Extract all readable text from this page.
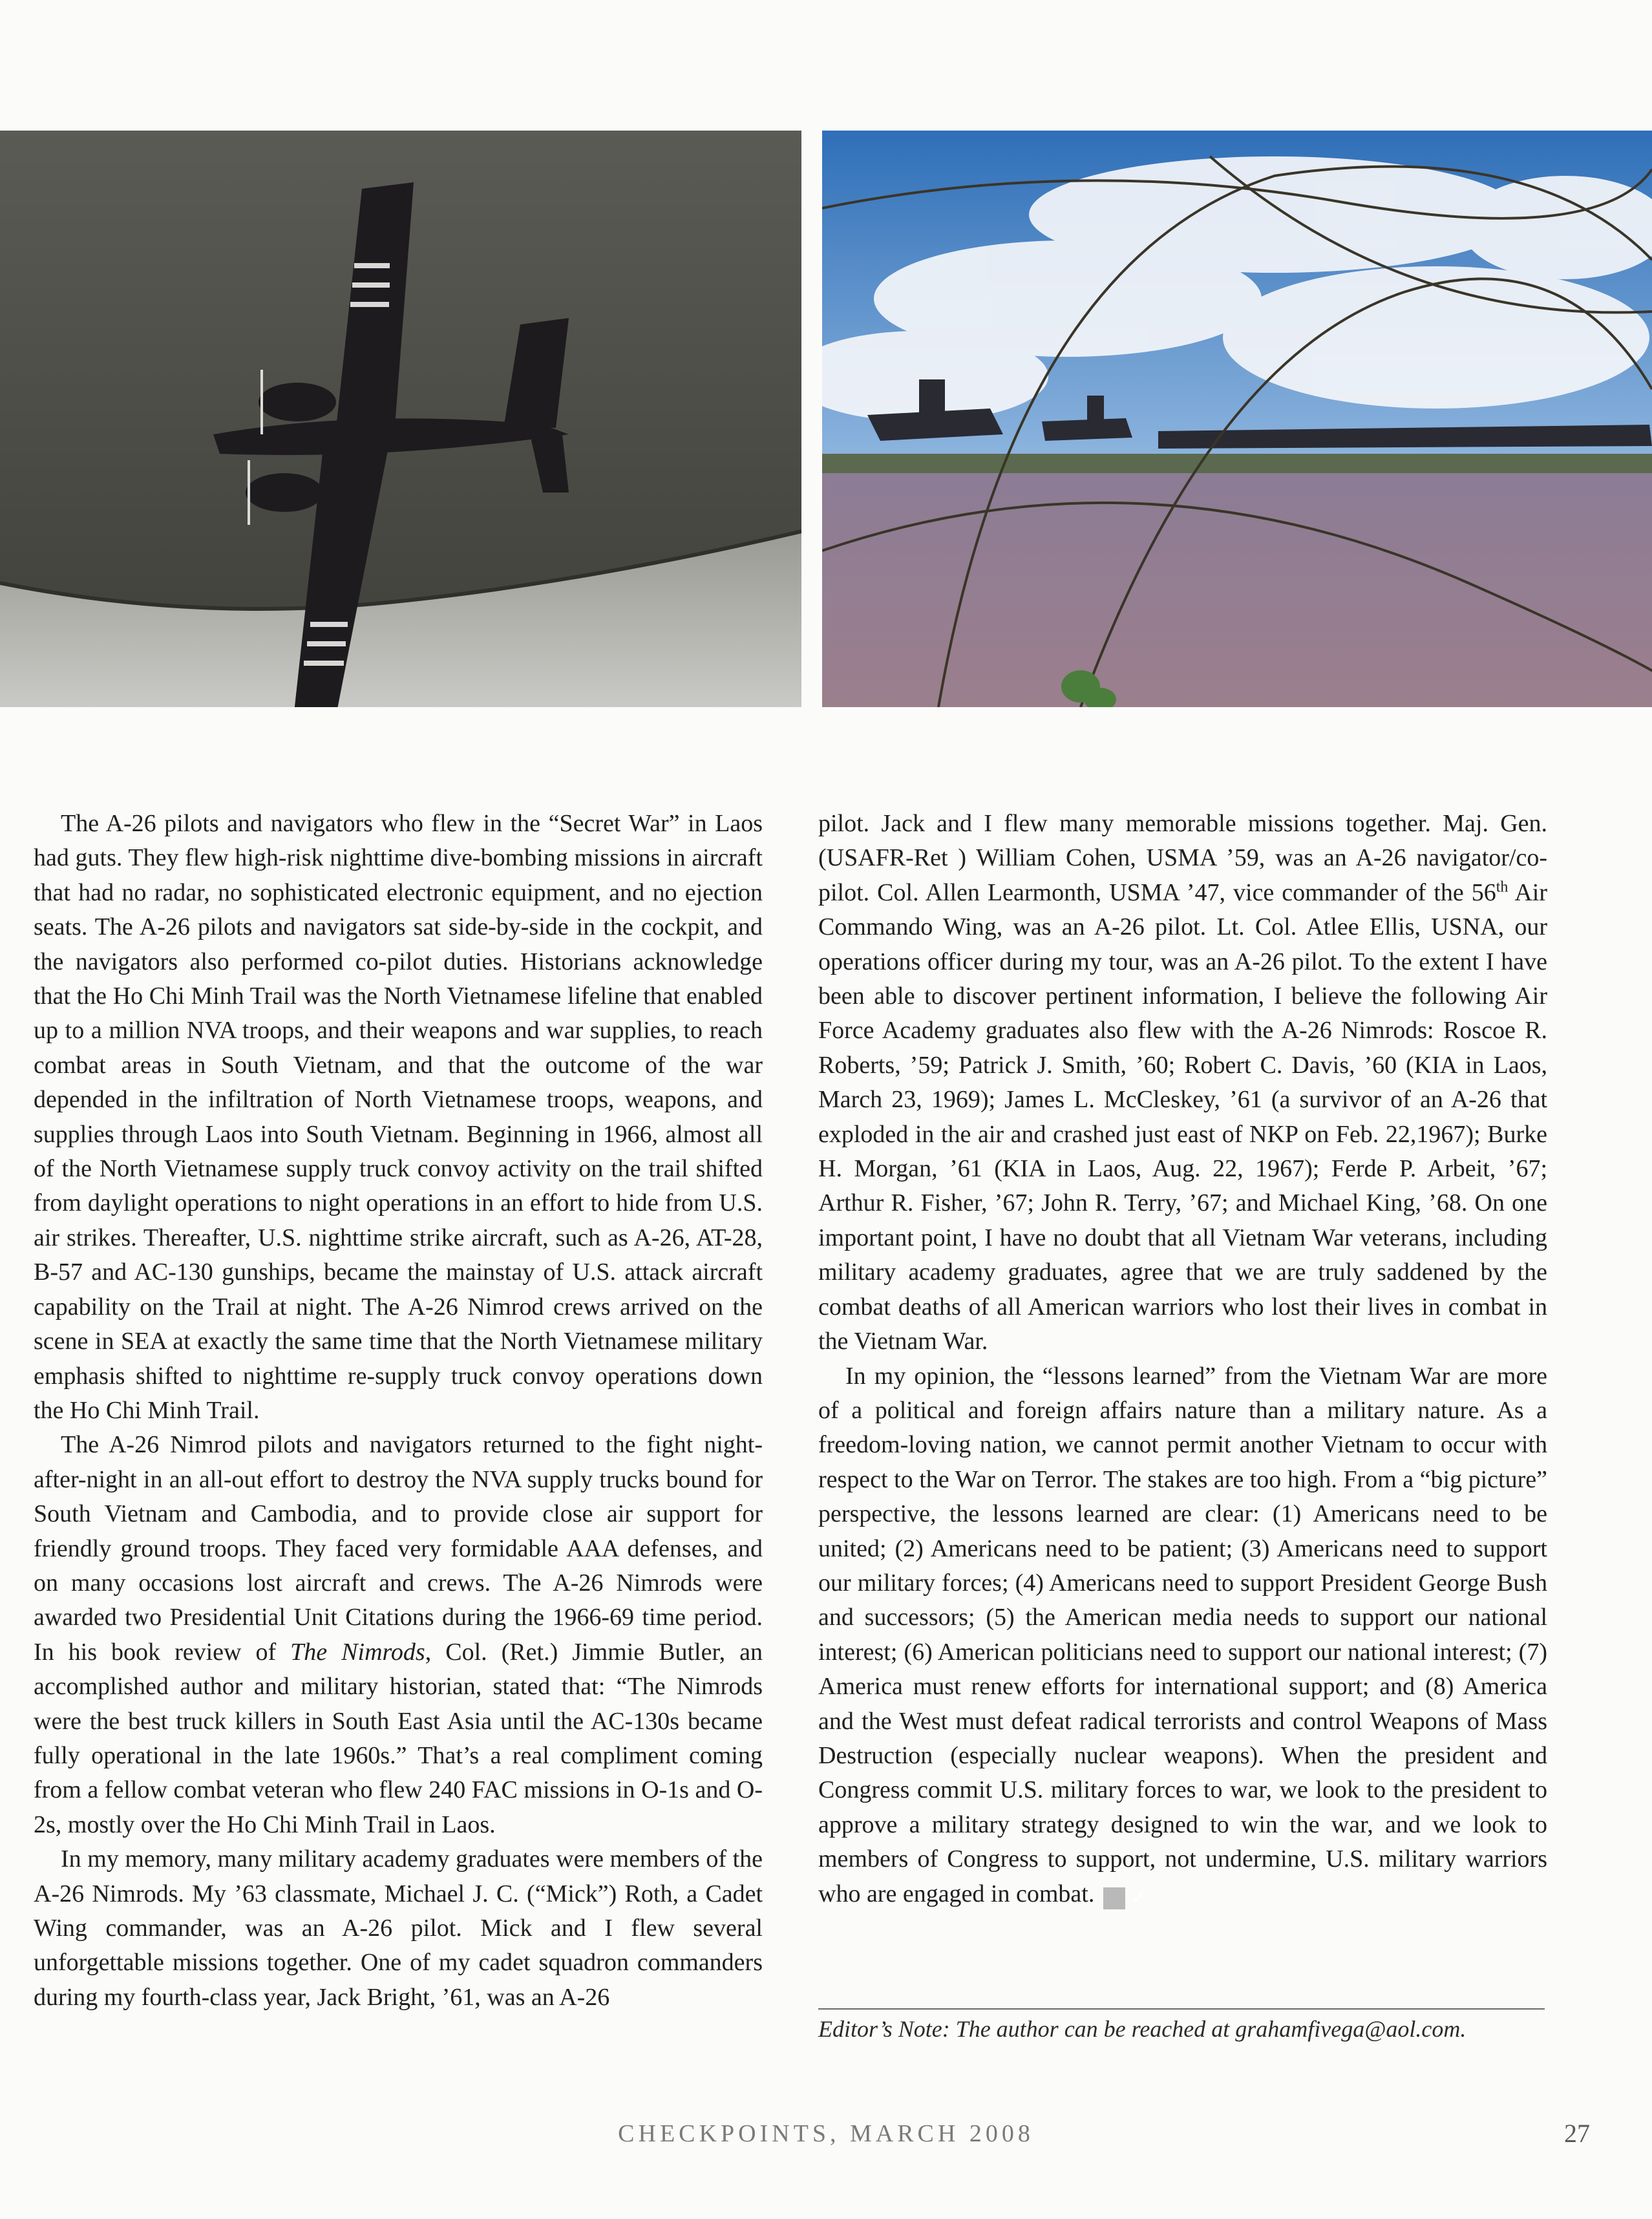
The A-26 pilots and navigators who flew in the “Secret War” in Laos had guts. They flew high-risk nighttime dive-bombing missions in aircraft that had no radar, no sophisticated electronic equipment, and no ejection seats. The A-26 pilots and navigators sat side-by-side in the cockpit, and the navigators also performed co-pilot duties. Historians acknowledge that the Ho Chi Minh Trail was the North Vietnamese lifeline that enabled up to a million NVA troops, and their weapons and war supplies, to reach combat areas in South Vietnam, and that the outcome of the war depended in the infiltration of North Vietnamese troops, weapons, and supplies through Laos into South Vietnam. Beginning in 1966, almost all of the North Vietnamese supply truck convoy activity on the trail shifted from daylight operations to night operations in an effort to hide from U.S. air strikes. Thereafter, U.S. nighttime strike aircraft, such as A-26, AT-28, B-57 and AC-130 gunships, became the mainstay of U.S. attack aircraft capability on the Trail at night. The A-26 Nimrod crews arrived on the scene in SEA at exactly the same time that the North Vietnamese military emphasis shifted to nighttime re-supply truck convoy operations down the Ho Chi Minh Trail.

The A-26 Nimrod pilots and navigators returned to the fight night-after-night in an all-out effort to destroy the NVA supply trucks bound for South Vietnam and Cambodia, and to provide close air support for friendly ground troops. They faced very formidable AAA defenses, and on many occasions lost aircraft and crews. The A-26 Nimrods were awarded two Presidential Unit Citations during the 1966-69 time period. In his book review of The Nimrods, Col. (Ret.) Jimmie Butler, an accomplished author and military historian, stated that: “The Nimrods were the best truck killers in South East Asia until the AC-130s became fully operational in the late 1960s.” That’s a real compliment coming from a fellow combat veteran who flew 240 FAC missions in O-1s and O-2s, mostly over the Ho Chi Minh Trail in Laos.

In my memory, many military academy graduates were members of the A-26 Nimrods. My ’63 classmate, Michael J. C. (“Mick”) Roth, a Cadet Wing commander, was an A-26 pilot. Mick and I flew several unforgettable missions together. One of my cadet squadron commanders during my fourth-class year, Jack Bright, ’61, was an A-26

pilot. Jack and I flew many memorable missions together. Maj. Gen. (USAFR-Ret ) William Cohen, USMA ’59, was an A-26 navigator/co-pilot. Col. Allen Learmonth, USMA ’47, vice commander of the 56th Air Commando Wing, was an A-26 pilot. Lt. Col. Atlee Ellis, USNA, our operations officer during my tour, was an A-26 pilot. To the extent I have been able to discover pertinent information, I believe the following Air Force Academy graduates also flew with the A-26 Nimrods: Roscoe R. Roberts, ’59; Patrick J. Smith, ’60; Robert C. Davis, ’60 (KIA in Laos, March 23, 1969); James L. McCleskey, ’61 (a survivor of an A-26 that exploded in the air and crashed just east of NKP on Feb. 22,1967); Burke H. Morgan, ’61 (KIA in Laos, Aug. 22, 1967); Ferde P. Arbeit, ’67; Arthur R. Fisher, ’67; John R. Terry, ’67; and Michael King, ’68. On one important point, I have no doubt that all Vietnam War veterans, including military academy graduates, agree that we are truly saddened by the combat deaths of all American warriors who lost their lives in combat in the Vietnam War.

In my opinion, the “lessons learned” from the Vietnam War are more of a political and foreign affairs nature than a military nature. As a freedom-loving nation, we cannot permit another Vietnam to occur with respect to the War on Terror. The stakes are too high. From a “big picture” perspective, the lessons learned are clear: (1) Americans need to be united; (2) Americans need to be patient; (3) Americans need to support our military forces; (4) Americans need to support President George Bush and successors; (5) the American media needs to support our national interest; (6) American politicians need to support our national interest; (7) America must renew efforts for international support; and (8) America and the West must defeat radical terrorists and control Weapons of Mass Destruction (especially nuclear weapons). When the president and Congress commit U.S. military forces to war, we look to the president to approve a military strategy designed to win the war, and we look to members of Congress to support, not undermine, U.S. military warriors who are engaged in combat. ✓

Editor’s Note: The author can be reached at grahamfivega@aol.com.
CHECKPOINTS, MARCH 2008	27
